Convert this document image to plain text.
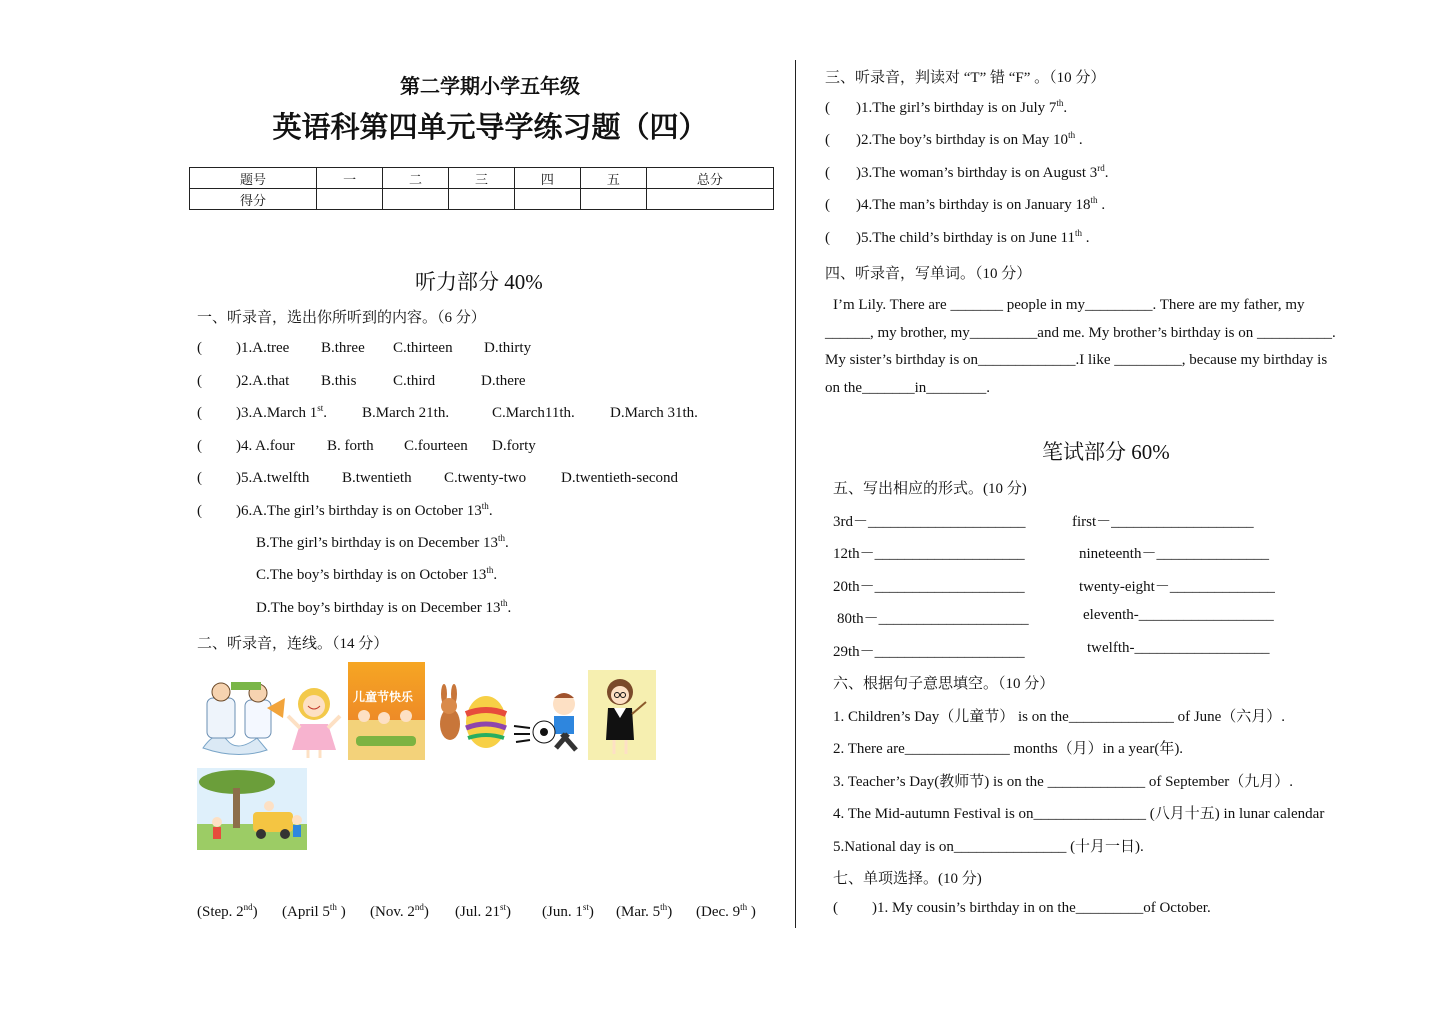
第二学期小学五年级
英语科第四单元导学练习题（四）
题号	一	二	三	四	五	总分
得分						
听力部分 40%
一、听录音，选出你所听到的内容。（6 分）
( )1.A.tree B.three C.thirteen D.thirty
( )2.A.that B.this C.third	D.there
( )3.A.March 1st. B.March 21th.	C.March11th. D.March 31th.
( )4. A.four B. forth C.fourteen D.forty
( )5.A.twelfth B.twentieth C.twenty-two D.twentieth-second
( )6.A.The girl’s birthday is on October 13th.
B.The girl’s birthday is on December 13th.
C.The boy’s birthday is on October 13th.
D.The boy’s birthday is on December 13th.
二、听录音，连线。（14 分）
儿童节快乐
(Step. 2nd) (April 5th ) (Nov. 2nd) (Jul. 21st) (Jun. 1st) (Mar. 5th) (Dec. 9th )
三、听录音，判读对 “T” 错 “F” 。（10 分）
( )1.The girl’s birthday is on July 7th.
( )2.The boy’s birthday is on May 10th .
( )3.The woman’s birthday is on August 3rd.
( )4.The man’s birthday is on January 18th .
( )5.The child’s birthday is on June 11th .
四、听录音，写单词。（10 分）
I’m Lily. There are _______ people in my_________. There are my father, my
______, my brother, my_________and me. My brother’s birthday is on __________.
My sister’s birthday is on_____________.I like _________, because my birthday is
on the_______in________.
笔试部分 60%
五、写出相应的形式。(10 分)
3rd－_____________________	first－___________________
12th－____________________	nineteenth－_______________
20th－____________________	twenty-eight－______________
80th－____________________	eleventh-__________________
29th－____________________	twelfth-__________________
六、根据句子意思填空。（10 分）
1. Children’s Day（儿童节） is on the______________ of June（六月）.
2. There are______________ months（月）in a year(年).
3. Teacher’s Day(教师节) is on the _____________ of September（九月）.
4. The Mid-autumn Festival is on_______________ (八月十五) in lunar calendar
5.National day is on_______________ (十月一日).
七、单项选择。(10 分)
( )1. My cousin’s birthday in on the_________of October.
